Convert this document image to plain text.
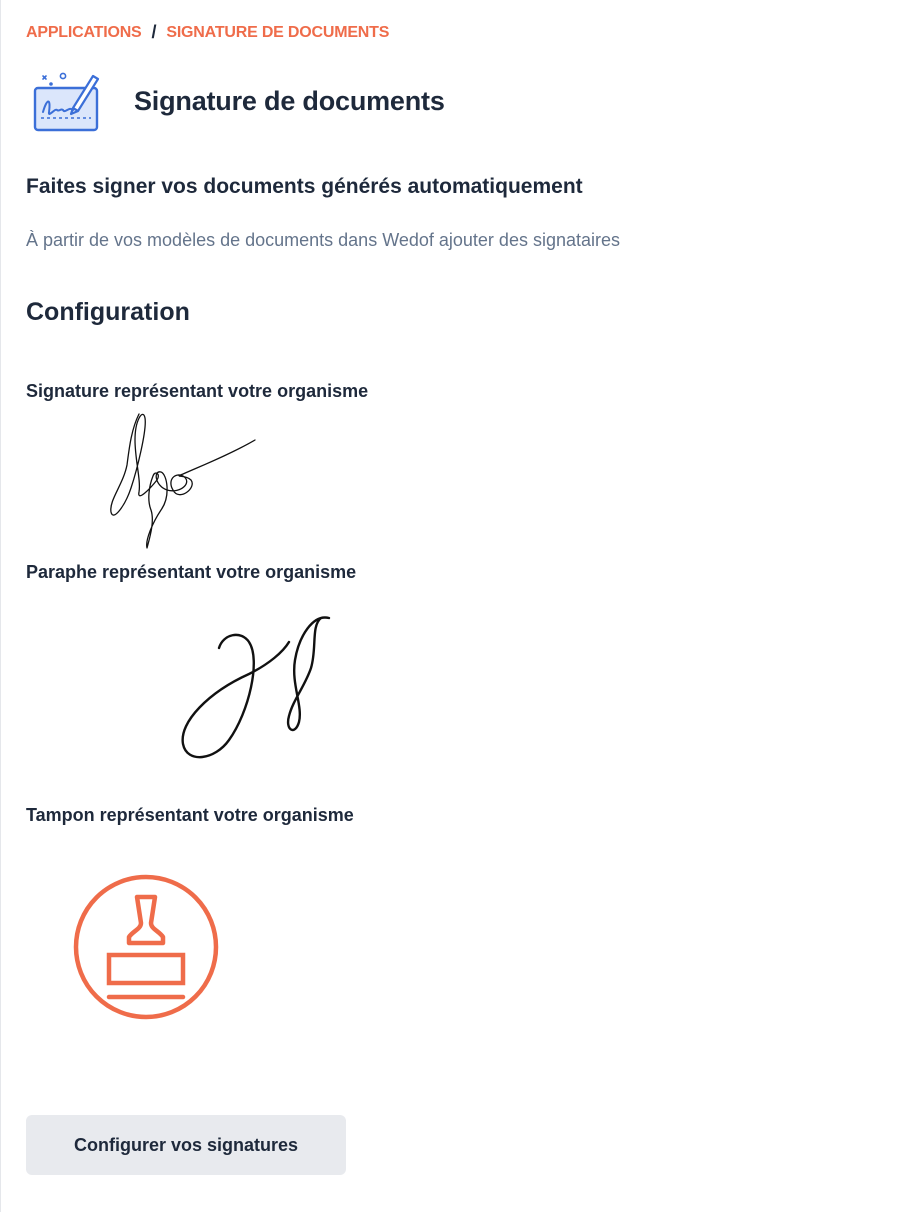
APPLICATIONS / SIGNATURE DE DOCUMENTS
Signature de documents
Faites signer vos documents générés automatiquement
À partir de vos modèles de documents dans Wedof ajouter des signataires
Configuration
Signature représentant votre organisme
Paraphe représentant votre organisme
Tampon représentant votre organisme
Configurer vos signatures
